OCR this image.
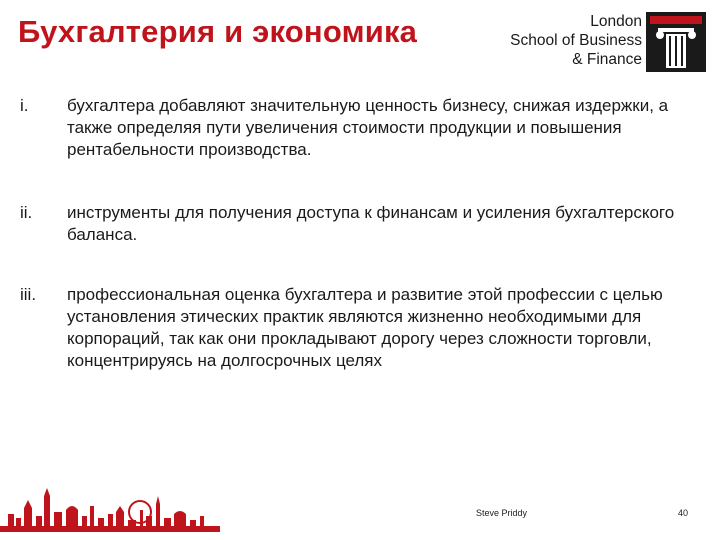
Бухгалтерия и экономика	London
School of Business
& Finance
i. бухгалтера добавляют значительную ценность бизнесу, снижая издержки, а также определяя пути увеличения стоимости продукции и повышения рентабельности производства.
ii. инструменты для получения доступа к финансам и усиления бухгалтерского баланса.
iii. профессиональная оценка бухгалтера и развитие этой профессии с целью установления этических практик являются жизненно необходимыми для корпораций, так как они прокладывают дорогу через сложности торговли, концентрируясь на долгосрочных целях
Steve Priddy	40
